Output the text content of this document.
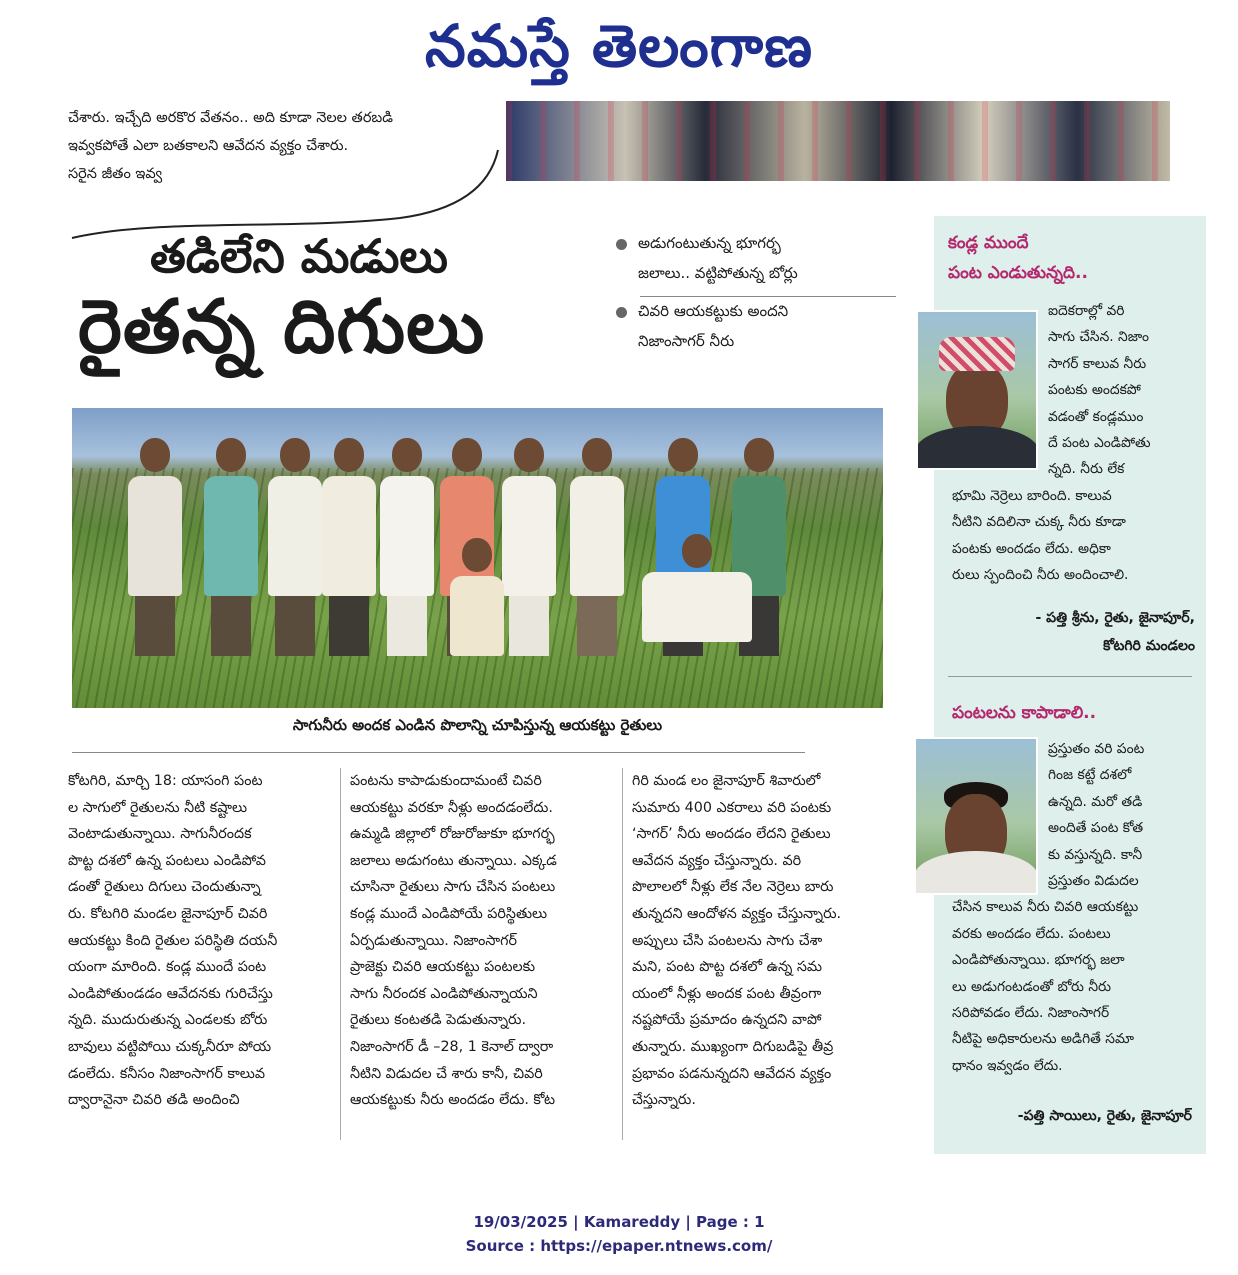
నమస్తే తెలంగాణ

చేశారు. ఇచ్చేది అరకొర వేతనం.. అది కూడా నెలల తరబడి

ఇవ్వకపోతే ఎలా బతకాలని ఆవేదన వ్యక్తం చేశారు.

సరైన జీతం ఇవ్వ

తడిలేని మడులు
రైతన్న దిగులు
అడుగంటుతున్న భూగర్భ
జలాలు.. వట్టిపోతున్న బోర్లు
చివరి ఆయకట్టుకు అందని
నిజాంసాగర్ నీరు
సాగునీరు అందక ఎండిన పొలాన్ని చూపిస్తున్న ఆయకట్టు రైతులు

కోటగిరి, మార్చి 18: యాసంగి పంట

ల సాగులో రైతులను నీటి కష్టాలు

వెంటాడుతున్నాయి. సాగునీరందక

పొట్ట దశలో ఉన్న పంటలు ఎండిపోవ

డంతో రైతులు దిగులు చెందుతున్నా

రు. కోటగిరి మండల జైనాపూర్ చివరి

ఆయకట్టు కింది రైతుల పరిస్థితి దయనీ

యంగా మారింది. కండ్ల ముందే పంట

ఎండిపోతుండడం ఆవేదనకు గురిచేస్తు

న్నది. ముదురుతున్న ఎండలకు బోరు

బావులు వట్టిపోయి చుక్కనీరూ పోయ

డంలేదు. కనీసం నిజాంసాగర్ కాలువ

ద్వారానైనా చివరి తడి అందించి

పంటను కాపాడుకుందామంటే చివరి

ఆయకట్టు వరకూ నీళ్లు అందడంలేదు.

ఉమ్మడి జిల్లాలో రోజురోజుకూ భూగర్భ

జలాలు అడుగంటు తున్నాయి. ఎక్కడ

చూసినా రైతులు సాగు చేసిన పంటలు

కండ్ల ముందే ఎండిపోయే పరిస్థితులు

ఏర్పడుతున్నాయి. నిజాంసాగర్

ప్రాజెక్టు చివరి ఆయకట్టు పంటలకు

సాగు నీరందక ఎండిపోతున్నాయని

రైతులు కంటతడి పెడుతున్నారు.

నిజాంసాగర్ డీ –28, 1 కెనాల్ ద్వారా

నీటిని విడుదల చే శారు కానీ, చివరి

ఆయకట్టుకు నీరు అందడం లేదు. కోట

గిరి మండ లం జైనాపూర్ శివారులో

సుమారు 400 ఎకరాలు వరి పంటకు

‘సాగర్’ నీరు అందడం లేదని రైతులు

ఆవేదన వ్యక్తం చేస్తున్నారు. వరి

పొలాలలో నీళ్లు లేక నేల నెర్రెలు బారు

తున్నదని ఆందోళన వ్యక్తం చేస్తున్నారు.

అప్పులు చేసి పంటలను సాగు చేశా

మని, పంట పొట్ట దశలో ఉన్న సమ

యంలో నీళ్లు అందక పంట తీవ్రంగా

నష్టపోయే ప్రమాదం ఉన్నదని వాపో

తున్నారు. ముఖ్యంగా దిగుబడిపై తీవ్ర

ప్రభావం పడనున్నదని ఆవేదన వ్యక్తం

చేస్తున్నారు.

కండ్ల ముందే
పంట ఎండుతున్నది..

ఐదెకరాల్లో వరి

సాగు చేసిన. నిజాం

సాగర్ కాలువ నీరు

పంటకు అందకపో

వడంతో కండ్లముం

దే పంట ఎండిపోతు

న్నది. నీరు లేక

భూమి నెర్రెలు బారింది. కాలువ

నీటిని వదిలినా చుక్క నీరు కూడా

పంటకు అందడం లేదు. అధికా

రులు స్పందించి నీరు అందించాలి.

- పత్తి శ్రీను, రైతు, జైనాపూర్,
కోటగిరి మండలం
పంటలను కాపాడాలి..

ప్రస్తుతం వరి పంట

గింజ కట్టే దశలో

ఉన్నది. మరో తడి

అందితే పంట కోత

కు వస్తున్నది. కానీ

ప్రస్తుతం విడుదల

చేసిన కాలువ నీరు చివరి ఆయకట్టు

వరకు అందడం లేదు. పంటలు

ఎండిపోతున్నాయి. భూగర్భ జలా

లు అడుగంటడంతో బోరు నీరు

సరిపోవడం లేదు. నిజాంసాగర్

నీటిపై అధికారులను అడిగితే సమా

ధానం ఇవ్వడం లేదు.

-పత్తి సాయిలు, రైతు, జైనాపూర్
19/03/2025 | Kamareddy | Page : 1
Source : https://epaper.ntnews.com/
